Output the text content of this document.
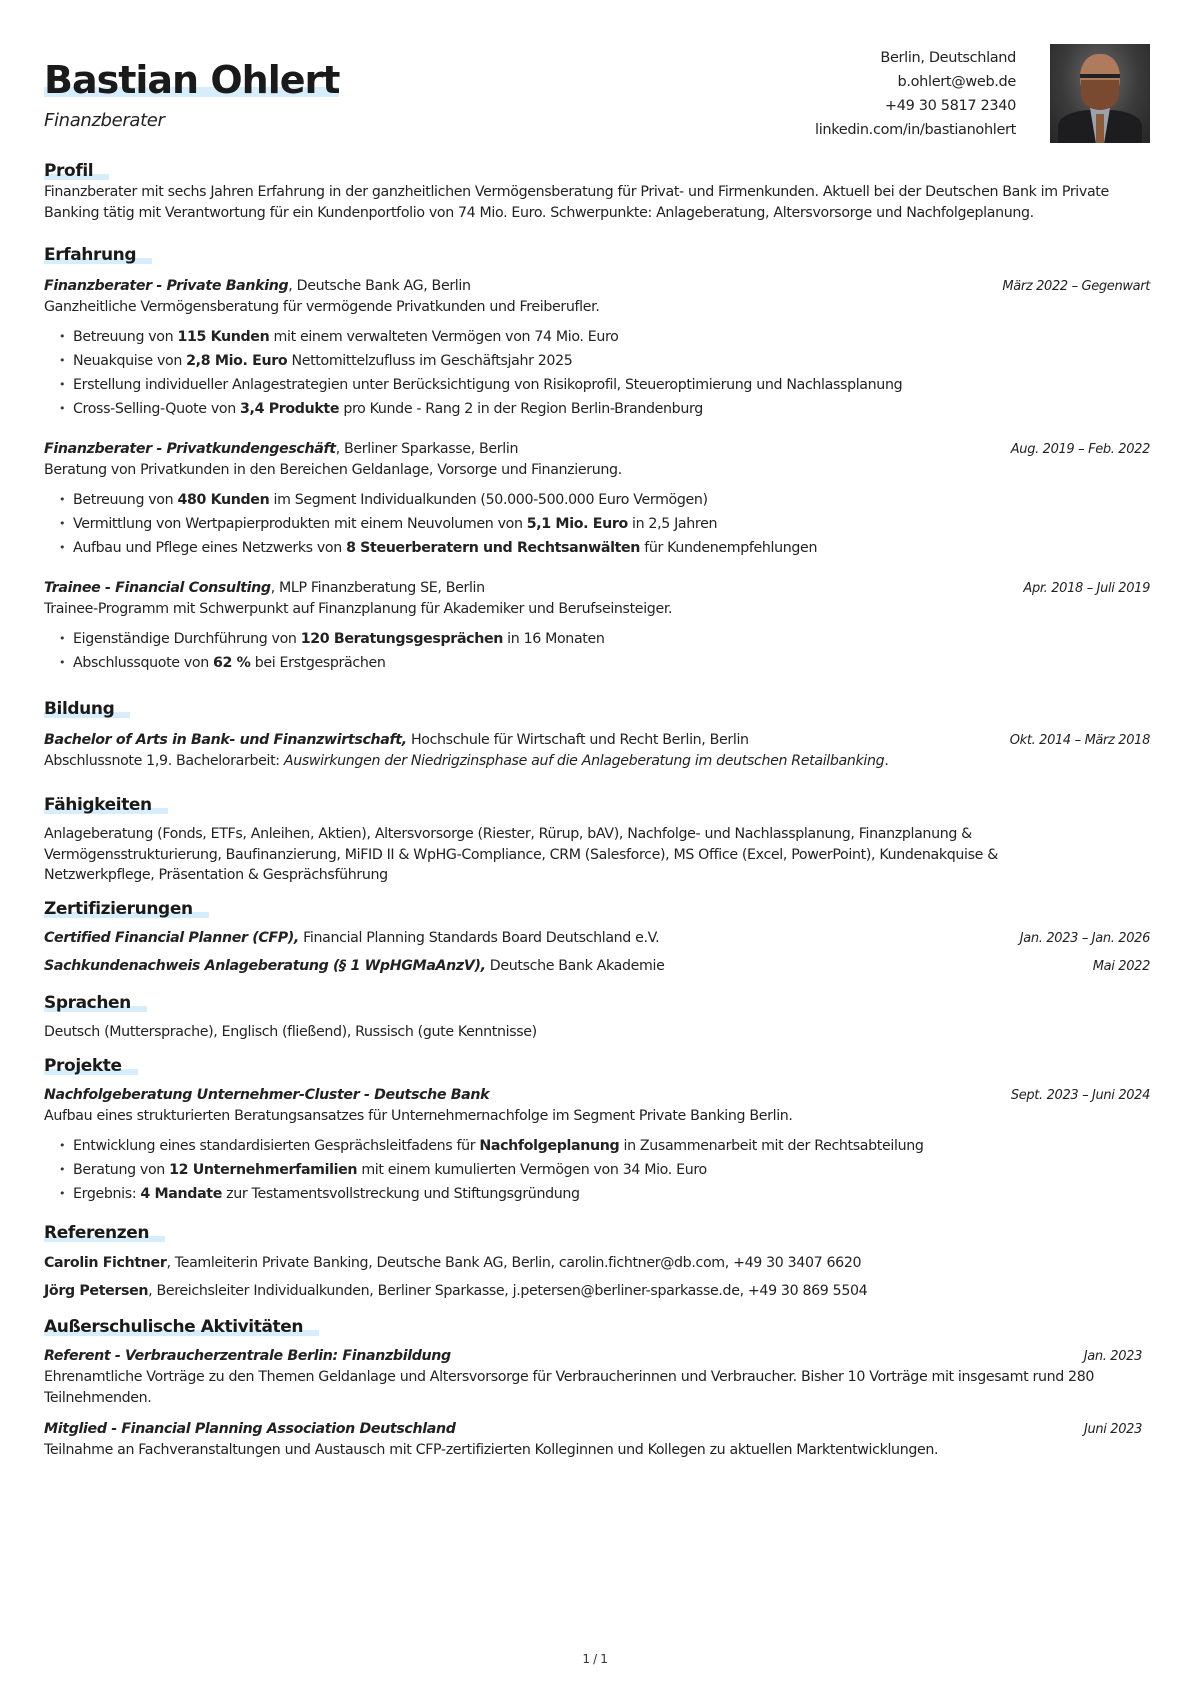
Bastian Ohlert
Finanzberater
Berlin, Deutschland
b.ohlert@web.de
+49 30 5817 2340
linkedin.com/in/bastianohlert
Profil
Finanzberater mit sechs Jahren Erfahrung in der ganzheitlichen Vermögensberatung für Privat- und Firmenkunden. Aktuell bei der Deutschen Bank im Private Banking tätig mit Verantwortung für ein Kundenportfolio von 74 Mio. Euro. Schwerpunkte: Anlageberatung, Altersvorsorge und Nachfolgeplanung.
Erfahrung
Finanzberater - Private Banking, Deutsche Bank AG, Berlin	März 2022 – Gegenwart
Ganzheitliche Vermögensberatung für vermögende Privatkunden und Freiberufler.
• Betreuung von 115 Kunden mit einem verwalteten Vermögen von 74 Mio. Euro
• Neuakquise von 2,8 Mio. Euro Nettomittelzufluss im Geschäftsjahr 2025
• Erstellung individueller Anlagestrategien unter Berücksichtigung von Risikoprofil, Steueroptimierung und Nachlassplanung
• Cross-Selling-Quote von 3,4 Produkte pro Kunde - Rang 2 in der Region Berlin-Brandenburg
Finanzberater - Privatkundengeschäft, Berliner Sparkasse, Berlin	Aug. 2019 – Feb. 2022
Beratung von Privatkunden in den Bereichen Geldanlage, Vorsorge und Finanzierung.
• Betreuung von 480 Kunden im Segment Individualkunden (50.000-500.000 Euro Vermögen)
• Vermittlung von Wertpapierprodukten mit einem Neuvolumen von 5,1 Mio. Euro in 2,5 Jahren
• Aufbau und Pflege eines Netzwerks von 8 Steuerberatern und Rechtsanwälten für Kundenempfehlungen
Trainee - Financial Consulting, MLP Finanzberatung SE, Berlin	Apr. 2018 – Juli 2019
Trainee-Programm mit Schwerpunkt auf Finanzplanung für Akademiker und Berufseinsteiger.
• Eigenständige Durchführung von 120 Beratungsgesprächen in 16 Monaten
• Abschlussquote von 62 % bei Erstgesprächen
Bildung
Bachelor of Arts in Bank- und Finanzwirtschaft, Hochschule für Wirtschaft und Recht Berlin, Berlin	Okt. 2014 – März 2018
Abschlussnote 1,9. Bachelorarbeit: Auswirkungen der Niedrigzinsphase auf die Anlageberatung im deutschen Retailbanking.
Fähigkeiten
Anlageberatung (Fonds, ETFs, Anleihen, Aktien), Altersvorsorge (Riester, Rürup, bAV), Nachfolge- und Nachlassplanung, Finanzplanung & Vermögensstrukturierung, Baufinanzierung, MiFID II & WpHG-Compliance, CRM (Salesforce), MS Office (Excel, PowerPoint), Kundenakquise & Netzwerkpflege, Präsentation & Gesprächsführung
Zertifizierungen
Certified Financial Planner (CFP), Financial Planning Standards Board Deutschland e.V.	Jan. 2023 – Jan. 2026
Sachkundenachweis Anlageberatung (§ 1 WpHGMaAnzV), Deutsche Bank Akademie	Mai 2022
Sprachen
Deutsch (Muttersprache), Englisch (fließend), Russisch (gute Kenntnisse)
Projekte
Nachfolgeberatung Unternehmer-Cluster - Deutsche Bank	Sept. 2023 – Juni 2024
Aufbau eines strukturierten Beratungsansatzes für Unternehmernachfolge im Segment Private Banking Berlin.
• Entwicklung eines standardisierten Gesprächsleitfadens für Nachfolgeplanung in Zusammenarbeit mit der Rechtsabteilung
• Beratung von 12 Unternehmerfamilien mit einem kumulierten Vermögen von 34 Mio. Euro
• Ergebnis: 4 Mandate zur Testamentsvollstreckung und Stiftungsgründung
Referenzen
Carolin Fichtner, Teamleiterin Private Banking, Deutsche Bank AG, Berlin, carolin.fichtner@db.com, +49 30 3407 6620
Jörg Petersen, Bereichsleiter Individualkunden, Berliner Sparkasse, j.petersen@berliner-sparkasse.de, +49 30 869 5504
Außerschulische Aktivitäten
Referent - Verbraucherzentrale Berlin: Finanzbildung	Jan. 2023
Ehrenamtliche Vorträge zu den Themen Geldanlage und Altersvorsorge für Verbraucherinnen und Verbraucher. Bisher 10 Vorträge mit insgesamt rund 280 Teilnehmenden.
Mitglied - Financial Planning Association Deutschland	Juni 2023
Teilnahme an Fachveranstaltungen und Austausch mit CFP-zertifizierten Kolleginnen und Kollegen zu aktuellen Marktentwicklungen.
1 / 1
